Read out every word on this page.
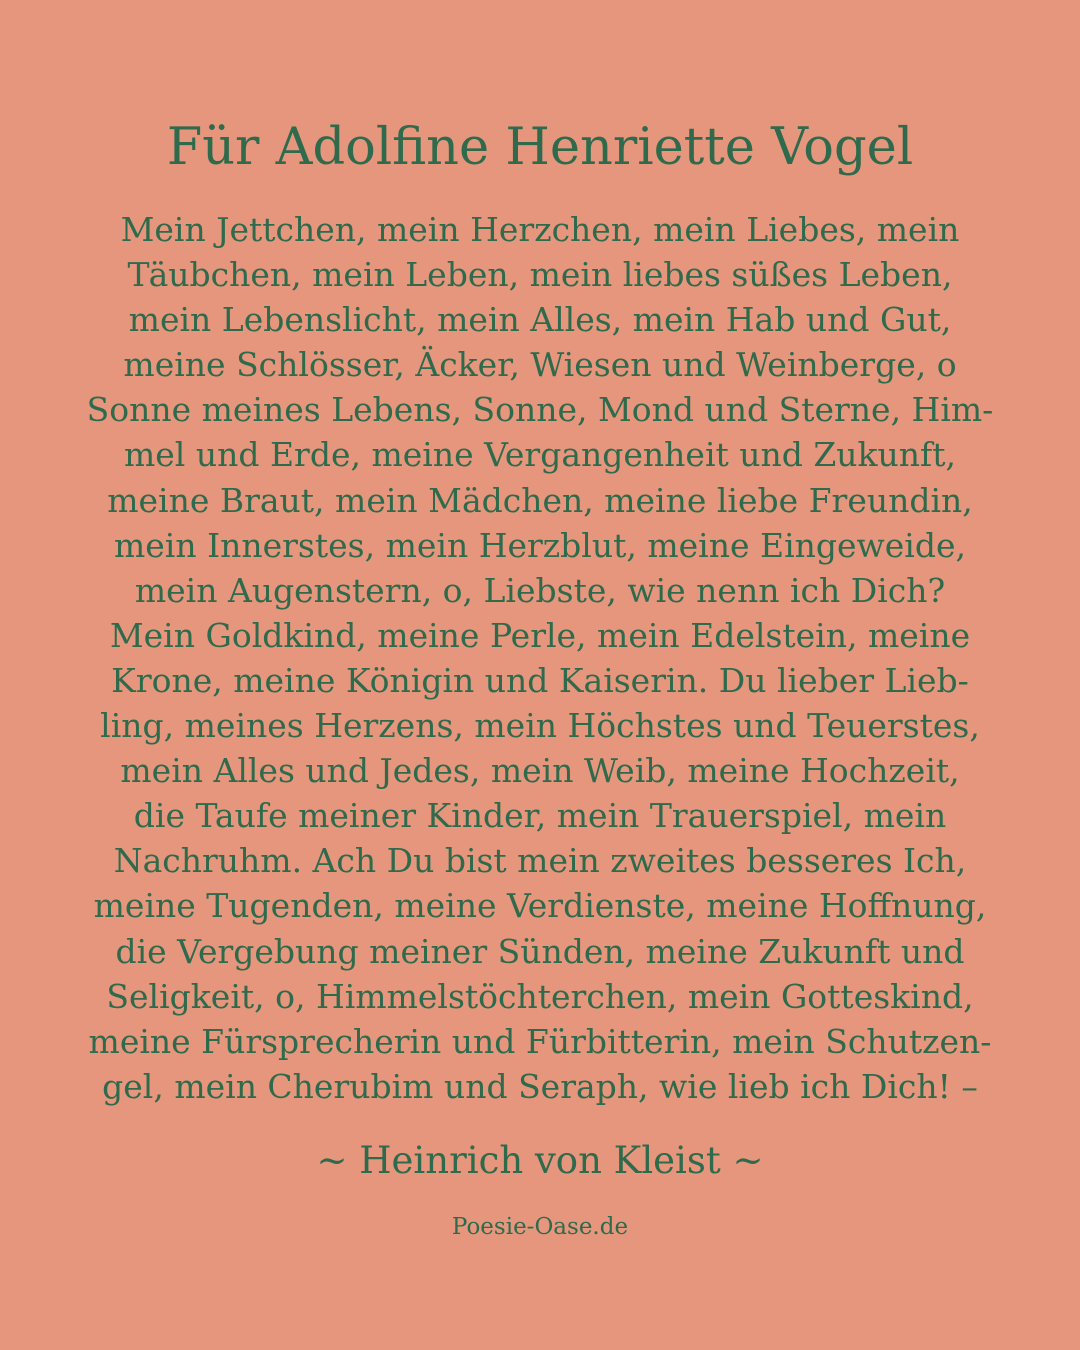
Für Adolfine Henriette Vogel
Mein Jettchen, mein Herzchen, mein Liebes, mein
Täubchen, mein Leben, mein liebes süßes Leben,
mein Lebenslicht, mein Alles, mein Hab und Gut,
meine Schlösser, Äcker, Wiesen und Weinberge, o
Sonne meines Lebens, Sonne, Mond und Sterne, Him-
mel und Erde, meine Vergangenheit und Zukunft,
meine Braut, mein Mädchen, meine liebe Freundin,
mein Innerstes, mein Herzblut, meine Eingeweide,
mein Augenstern, o, Liebste, wie nenn ich Dich?
Mein Goldkind, meine Perle, mein Edelstein, meine
Krone, meine Königin und Kaiserin. Du lieber Lieb-
ling, meines Herzens, mein Höchstes und Teuerstes,
mein Alles und Jedes, mein Weib, meine Hochzeit,
die Taufe meiner Kinder, mein Trauerspiel, mein
Nachruhm. Ach Du bist mein zweites besseres Ich,
meine Tugenden, meine Verdienste, meine Hoffnung,
die Vergebung meiner Sünden, meine Zukunft und
Seligkeit, o, Himmelstöchterchen, mein Gotteskind,
meine Fürsprecherin und Fürbitterin, mein Schutzen-
gel, mein Cherubim und Seraph, wie lieb ich Dich! –
~ Heinrich von Kleist ~
Poesie-Oase.de
